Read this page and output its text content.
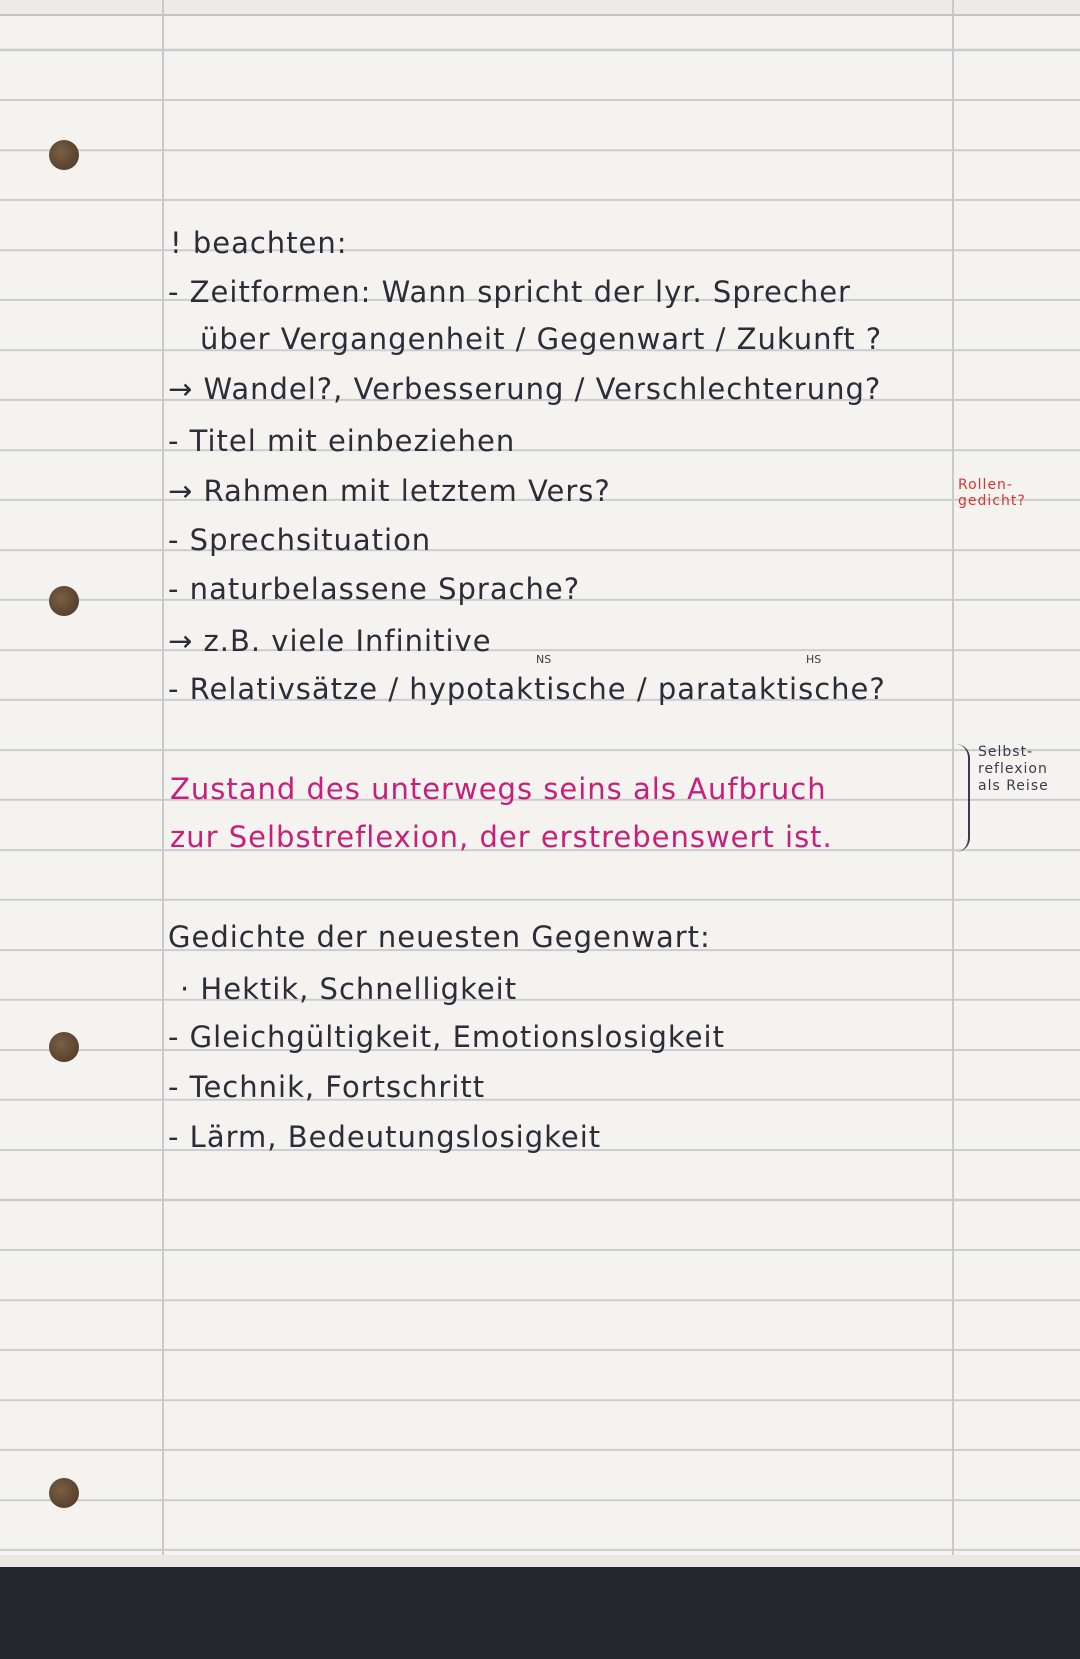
! beachten:
- Zeitformen: Wann spricht der lyr. Sprecher
über Vergangenheit / Gegenwart / Zukunft ?
→ Wandel?, Verbesserung / Verschlechterung?
- Titel mit einbeziehen
→ Rahmen mit letztem Vers?
- Sprechsituation
- naturbelassene Sprache?
→ z.B. viele Infinitive
NS	HS
- Relativsätze / hypotaktische / parataktische?
Zustand des unterwegs seins als Aufbruch
zur Selbstreflexion, der erstrebenswert ist.
Gedichte der neuesten Gegenwart:
· Hektik, Schnelligkeit
- Gleichgültigkeit, Emotionslosigkeit
- Technik, Fortschritt
- Lärm, Bedeutungslosigkeit
Rollen-
gedicht?
Selbst-
reflexion
als Reise
